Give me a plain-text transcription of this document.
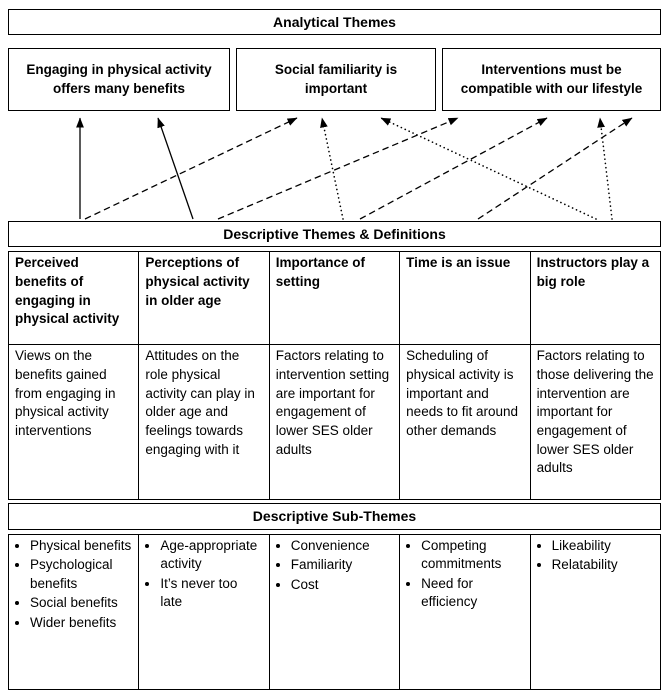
Analytical Themes
Engaging in physical activity offers many benefits
Social familiarity is important
Interventions must be compatible with our lifestyle
Descriptive Themes & Definitions
Perceived benefits of engaging in physical activity	Perceptions of physical activity in older age	Importance of setting	Time is an issue	Instructors play a big role
Views on the benefits gained from engaging in physical activity interventions	Attitudes on the role physical activity can play in older age and feelings towards engaging with it	Factors relating to intervention setting are important for engagement of lower SES older adults	Scheduling of physical activity is important and needs to fit around other demands	Factors relating to those delivering the intervention are important for engagement of lower SES older adults
Descriptive Sub-Themes
• Physical benefits
• Psychological benefits
• Social benefits
• Wider benefits

• Age-appropriate activity
• It’s never too late

• Convenience
• Familiarity
• Cost

• Competing commitments
• Need for efficiency

• Likeability
• Relatability
